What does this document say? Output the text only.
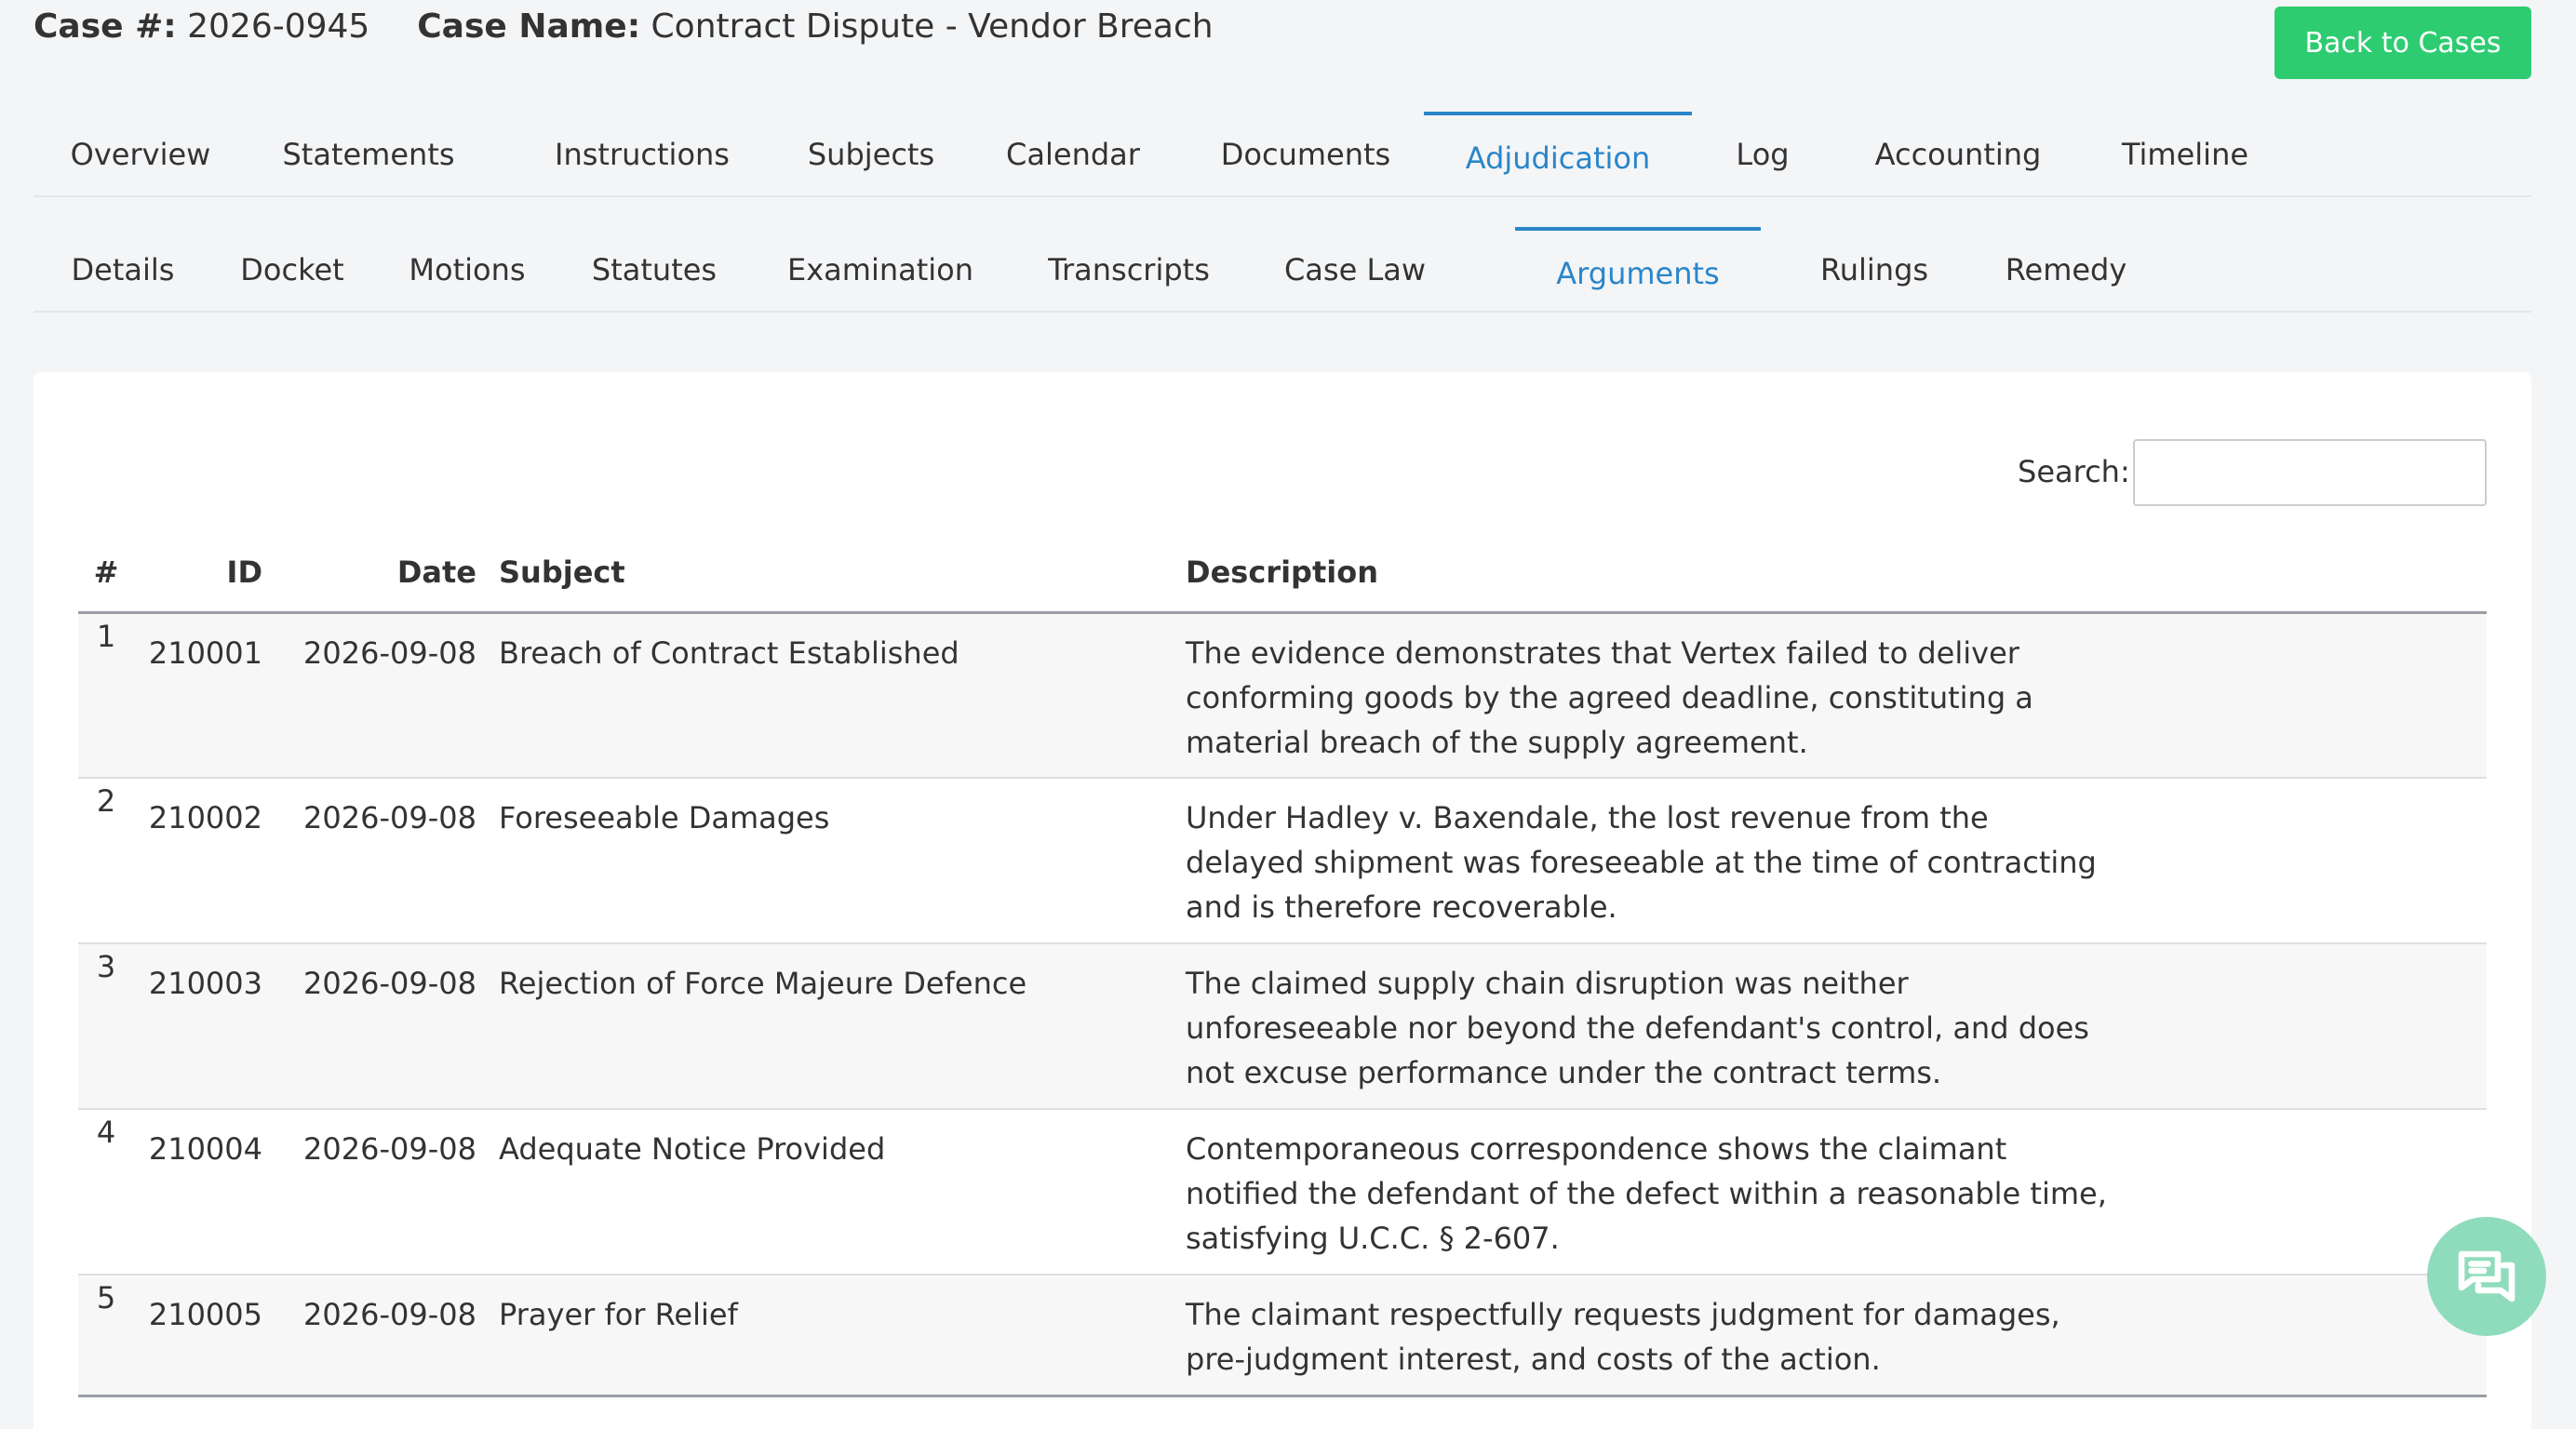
Case #: 2026-0945 Case Name: Contract Dispute - Vendor Breach	Back to Cases
Overview	Statements	Instructions	Subjects	Calendar	Documents	Adjudication	Log	Accounting	Timeline
Details Docket Motions Statutes Examination	Transcripts	Case Law	Arguments	Rulings	Remedy
Search:
#	ID	Date	Subject	Description
1	210001	2026-09-08	Breach of Contract Established	The evidence demonstrates that Vertex failed to deliver conforming goods by the agreed deadline, constituting a material breach of the supply agreement.

2	210002	2026-09-08	Foreseeable Damages	Under Hadley v. Baxendale, the lost revenue from the delayed shipment was foreseeable at the time of contracting and is therefore recoverable.

3	210003	2026-09-08	Rejection of Force Majeure Defence	The claimed supply chain disruption was neither unforeseeable nor beyond the defendant's control, and does not excuse performance under the contract terms.

4	210004	2026-09-08	Adequate Notice Provided	Contemporaneous correspondence shows the claimant notified the defendant of the defect within a reasonable time, satisfying U.C.C. § 2-607.

5	210005	2026-09-08	Prayer for Relief	The claimant respectfully requests judgment for damages, pre-judgment interest, and costs of the action.
